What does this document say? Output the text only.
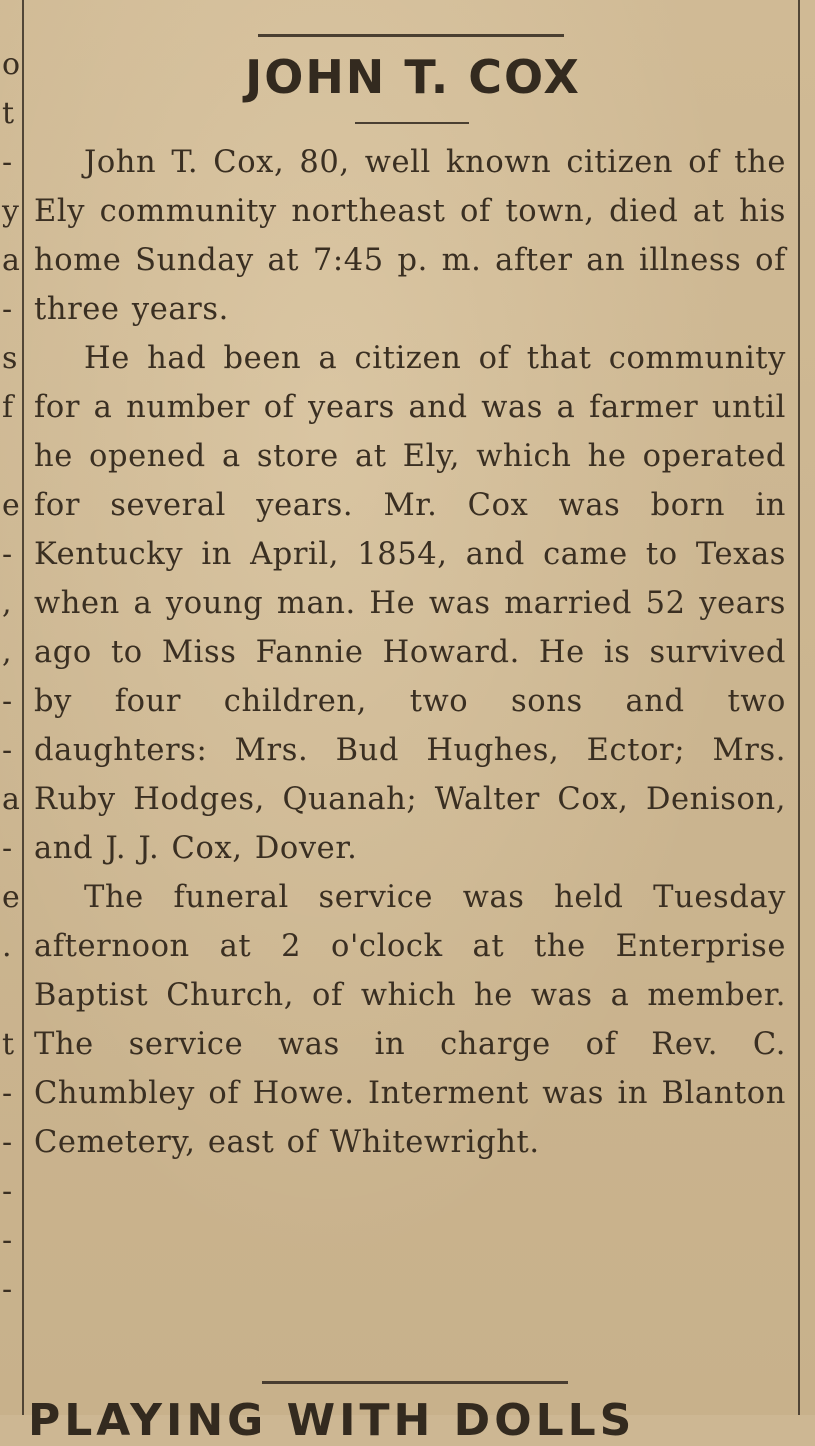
o
t
-
y
a
-
s
f
e
-
,
,
-
-
a
-
e
.
t
-
-
-
-
-
JOHN T. COX

John T. Cox, 80, well known citizen of the Ely community northeast of town, died at his home Sunday at 7:45 p. m. after an illness of three years.

He had been a citizen of that community for a number of years and was a farmer until he opened a store at Ely, which he operated for several years. Mr. Cox was born in Kentucky in April, 1854, and came to Texas when a young man. He was married 52 years ago to Miss Fannie Howard. He is survived by four children, two sons and two daughters: Mrs. Bud Hughes, Ector; Mrs. Ruby Hodges, Quanah; Walter Cox, Denison, and J. J. Cox, Dover.

The funeral service was held Tuesday afternoon at 2 o'clock at the Enterprise Baptist Church, of which he was a member. The service was in charge of Rev. C. Chumbley of Howe. Interment was in Blanton Cemetery, east of Whitewright.

PLAYING WITH DOLLS
